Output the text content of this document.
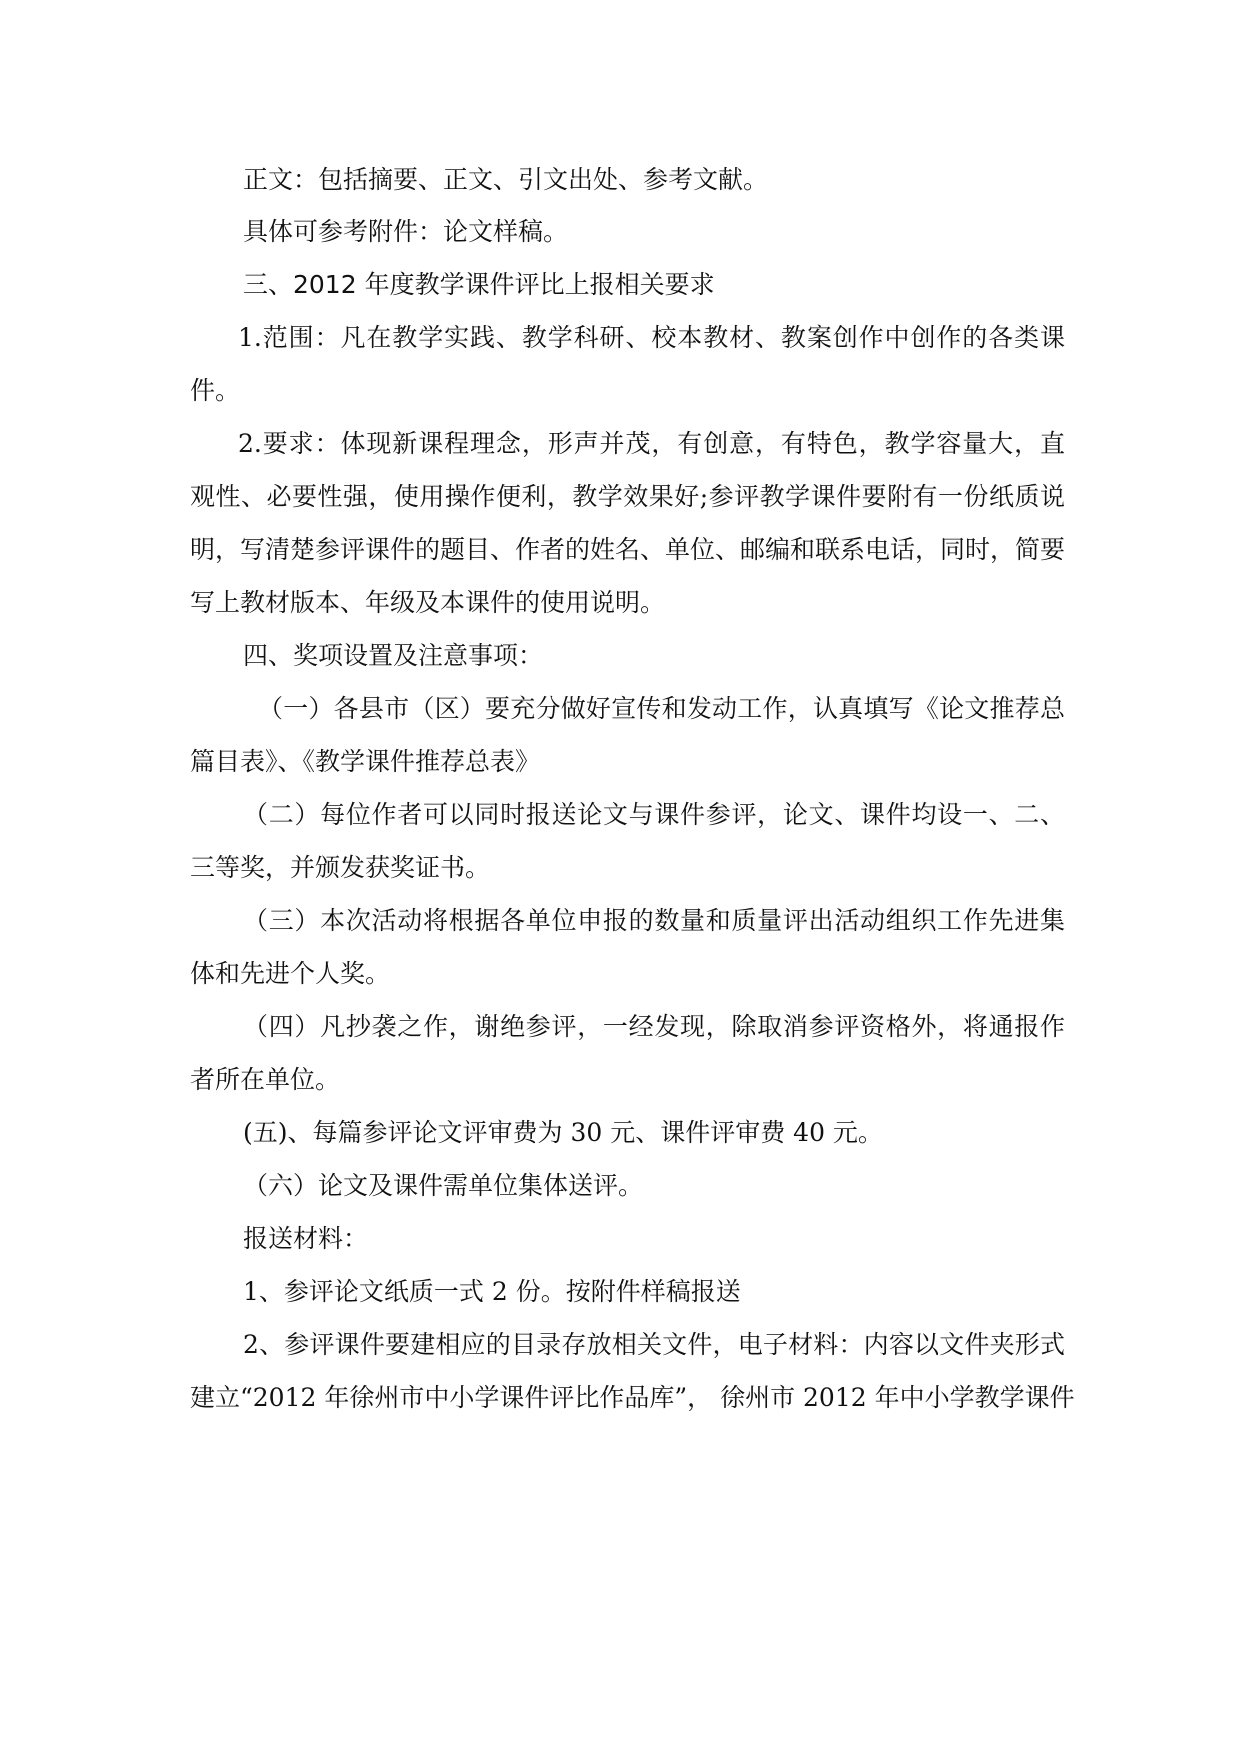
正文：包括摘要、正文、引文出处、参考文献。
具体可参考附件：论文样稿。
三、2012 年度教学课件评比上报相关要求
1.范围：凡在教学实践、教学科研、校本教材、教案创作中创作的各类课
件。
2.要求：体现新课程理念，形声并茂，有创意，有特色，教学容量大，直
观性、必要性强，使用操作便利，教学效果好;参评教学课件要附有一份纸质说
明，写清楚参评课件的题目、作者的姓名、单位、邮编和联系电话，同时，简要
写上教材版本、年级及本课件的使用说明。
四、奖项设置及注意事项：
（一）各县市（区）要充分做好宣传和发动工作，认真填写《论文推荐总
篇目表》、《教学课件推荐总表》
（二）每位作者可以同时报送论文与课件参评，论文、课件均设一、二、
三等奖，并颁发获奖证书。
（三）本次活动将根据各单位申报的数量和质量评出活动组织工作先进集
体和先进个人奖。
（四）凡抄袭之作，谢绝参评，一经发现，除取消参评资格外，将通报作
者所在单位。
(五)、每篇参评论文评审费为 30 元、课件评审费 40 元。
（六）论文及课件需单位集体送评。
报送材料：
1、参评论文纸质一式 2 份。按附件样稿报送
2、参评课件要建相应的目录存放相关文件，电子材料：内容以文件夹形式
建立“2012 年徐州市中小学课件评比作品库”， 徐州市 2012 年中小学教学课件
